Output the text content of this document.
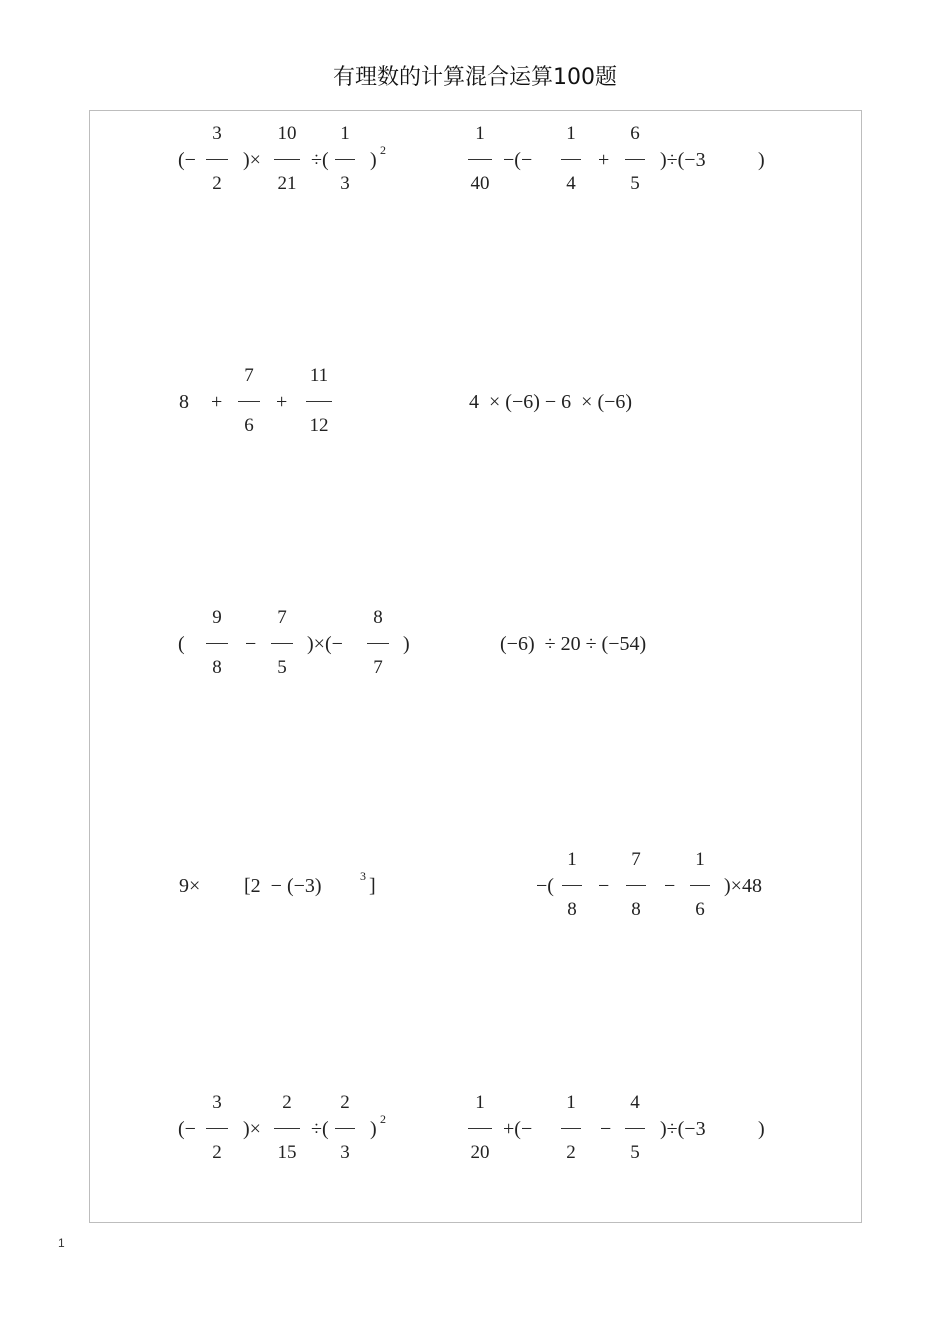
有理数的计算混合运算100题
1
(−
3
2
)×
10
21
÷(
1
3
) 2
1
40
−(−
1
4
+
6
5
)÷(−3	)
8 +
7
6
+
11
12
4  × (−6) − 6  × (−6)
(
9
8
−
7
5
)×(−
8
7
)	(−6)  ÷ 20 ÷ (−54)
9× [2  − (−3)	3 ]	−(
1
8
−
7
8
−
1
6
)×48
(−
3
2
)×
2
15
÷(
2
3
) 2
1
20
+(−
1
2
−
4
5
)÷(−3	)
